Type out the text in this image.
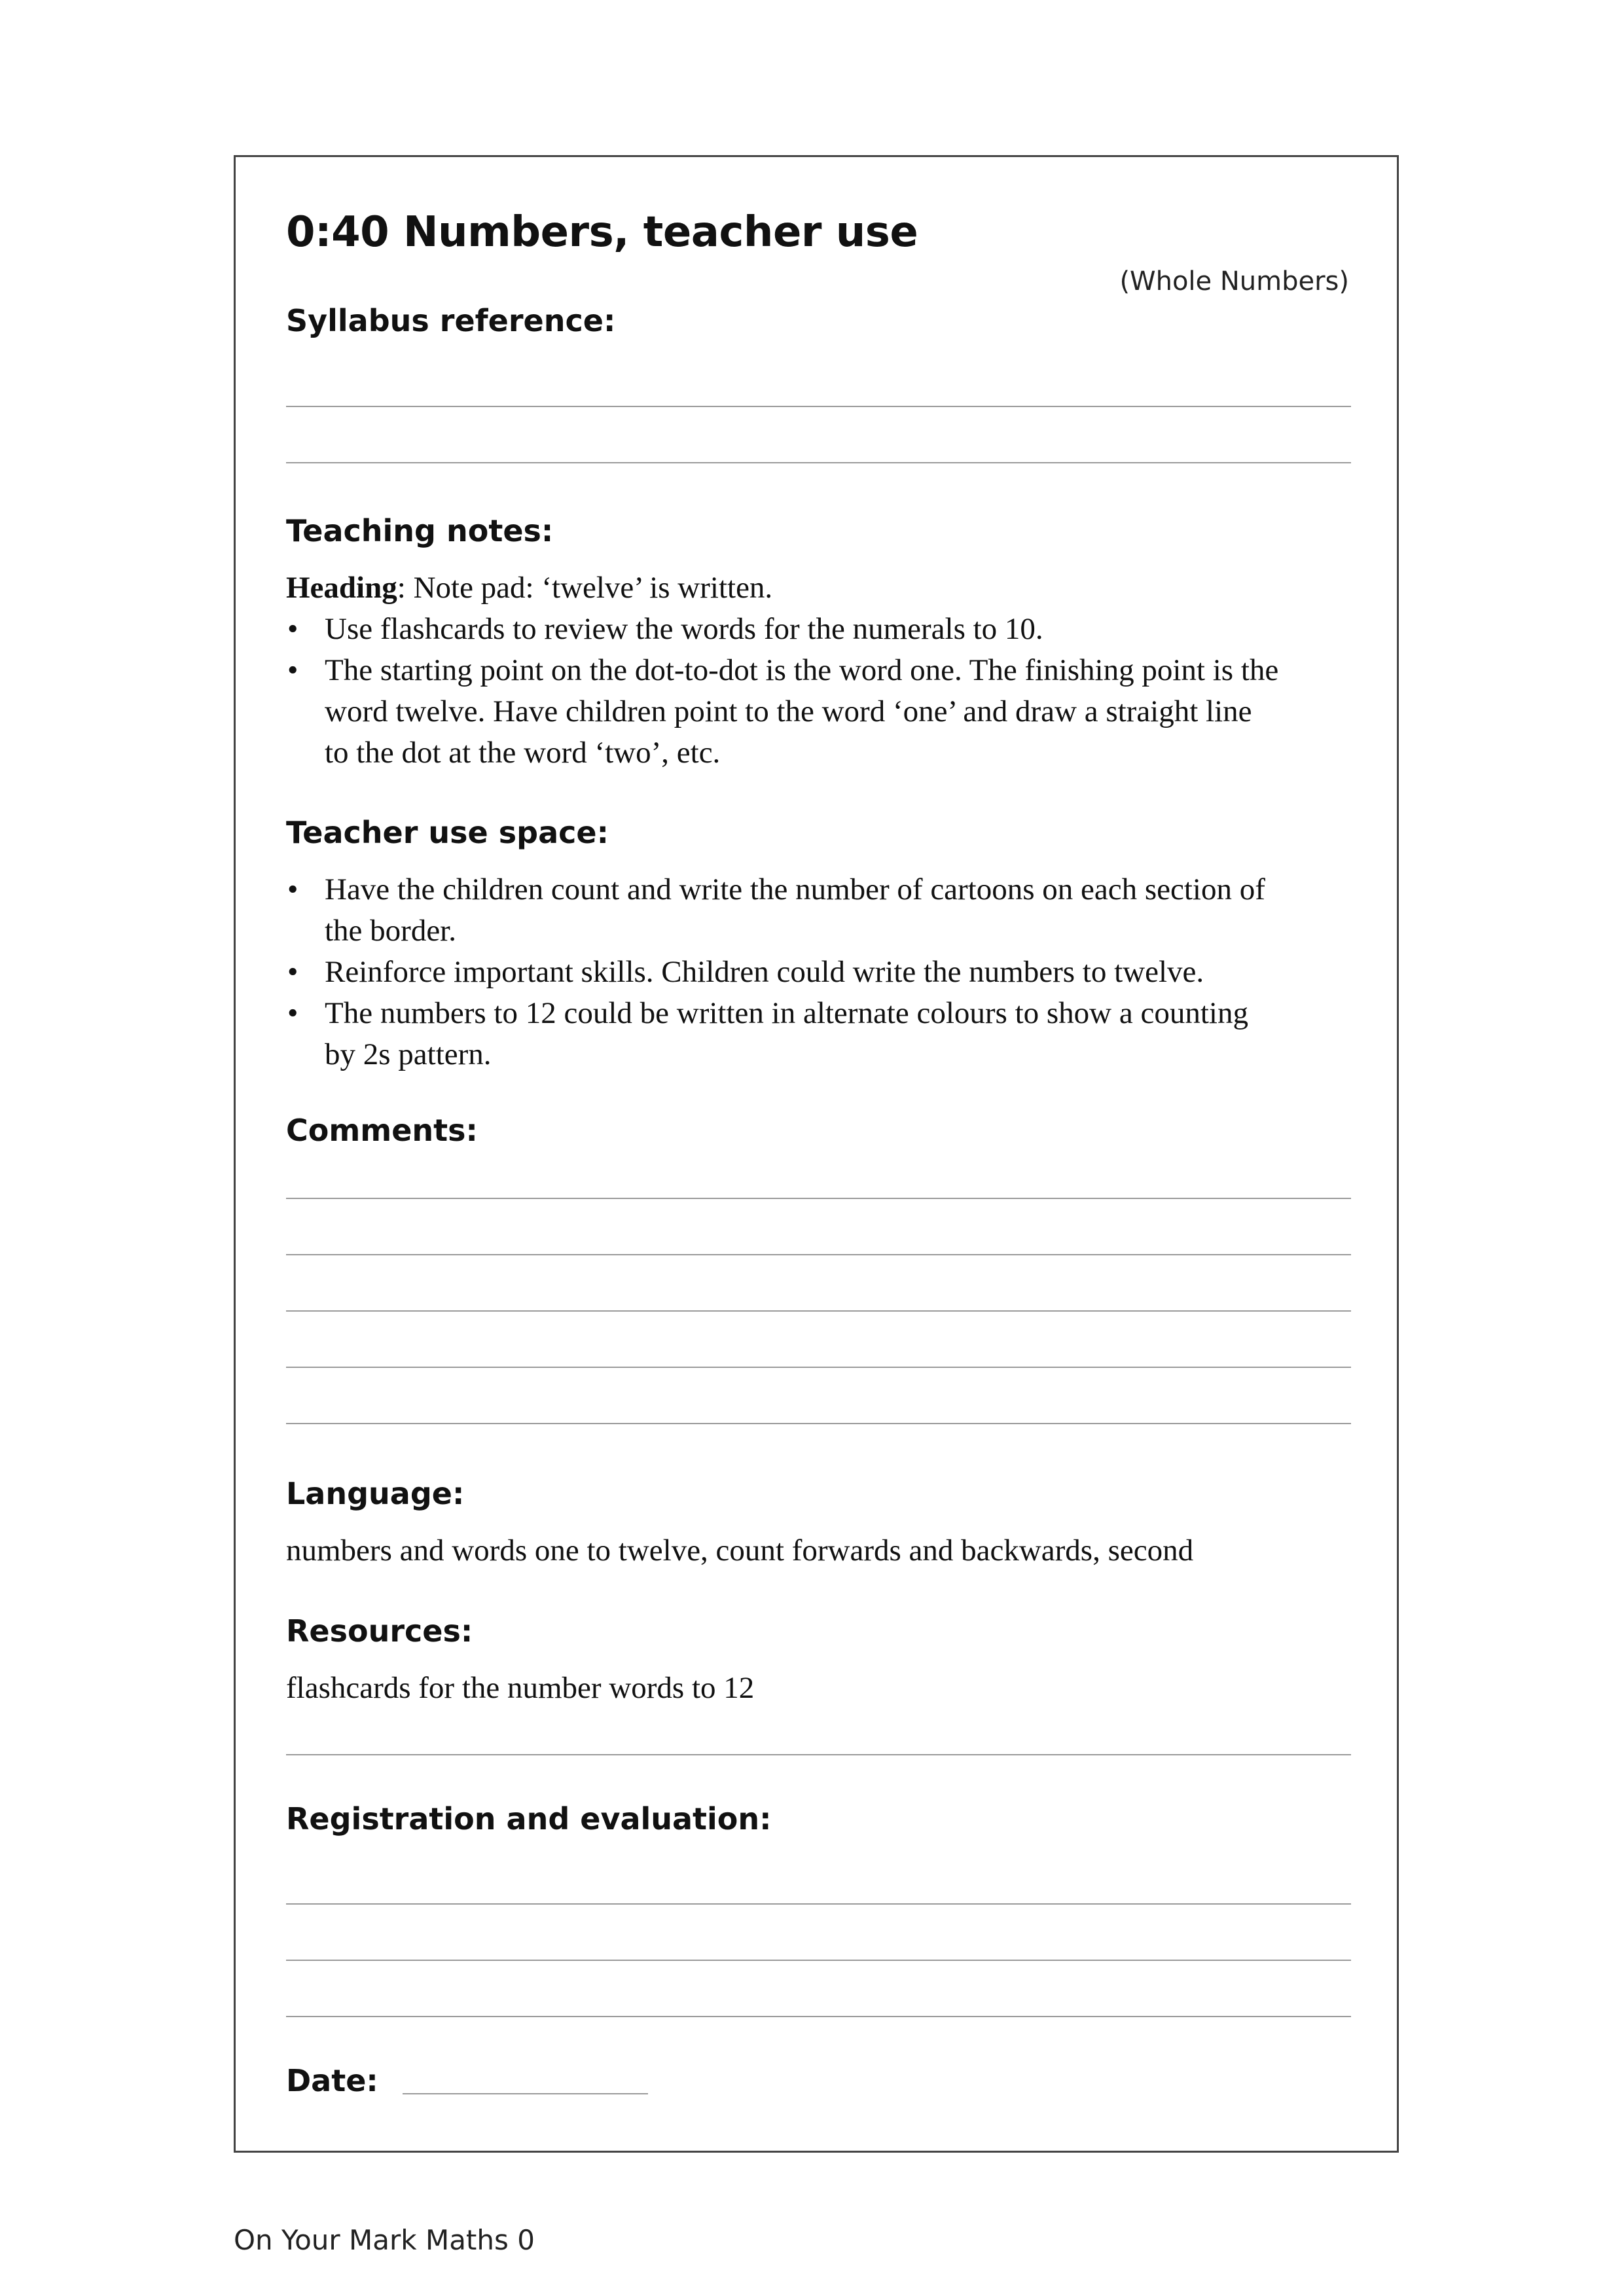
0:40 Numbers, teacher use
(Whole Numbers)
Syllabus reference:
Teaching notes:
Heading: Note pad: ‘twelve’ is written.
• Use flashcards to review the words for the numerals to 10.
• The starting point on the dot-to-dot is the word one. The finishing point is the
word twelve. Have children point to the word ‘one’ and draw a straight line
to the dot at the word ‘two’, etc.
Teacher use space:
• Have the children count and write the number of cartoons on each section of
the border.
• Reinforce important skills. Children could write the numbers to twelve.
• The numbers to 12 could be written in alternate colours to show a counting
by 2s pattern.
Comments:
Language:
numbers and words one to twelve, count forwards and backwards, second
Resources:
flashcards for the number words to 12
Registration and evaluation:
Date:
On Your Mark Maths 0
